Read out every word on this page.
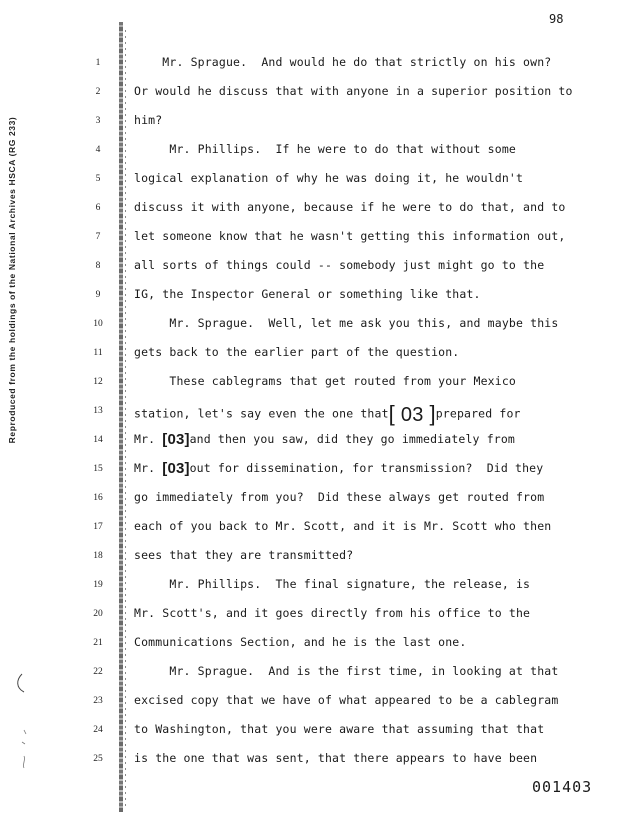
98
Reproduced from the holdings of the National Archives HSCA (RG 233)
1	Mr. Sprague.  And would he do that strictly on his own?
2	Or would he discuss that with anyone in a superior position to
3	him?
4	Mr. Phillips.  If he were to do that without some
5	logical explanation of why he was doing it, he wouldn't
6	discuss it with anyone, because if he were to do that, and to
7	let someone know that he wasn't getting this information out,
8	all sorts of things could -- somebody just might go to the
9	IG, the Inspector General or something like that.
10	Mr. Sprague.  Well, let me ask you this, and maybe this
11	gets back to the earlier part of the question.
12	These cablegrams that get routed from your Mexico
13	station, let's say even the one that[ 03 ]prepared for
14	Mr. [03]and then you saw, did they go immediately from
15	Mr. [03]out for dissemination, for transmission?  Did they
16	go immediately from you?  Did these always get routed from
17	each of you back to Mr. Scott, and it is Mr. Scott who then
18	sees that they are transmitted?
19	Mr. Phillips.  The final signature, the release, is
20	Mr. Scott's, and it goes directly from his office to the
21	Communications Section, and he is the last one.
22	Mr. Sprague.  And is the first time, in looking at that
23	excised copy that we have of what appeared to be a cablegram
24	to Washington, that you were aware that assuming that that
25	is the one that was sent, that there appears to have been
001403
